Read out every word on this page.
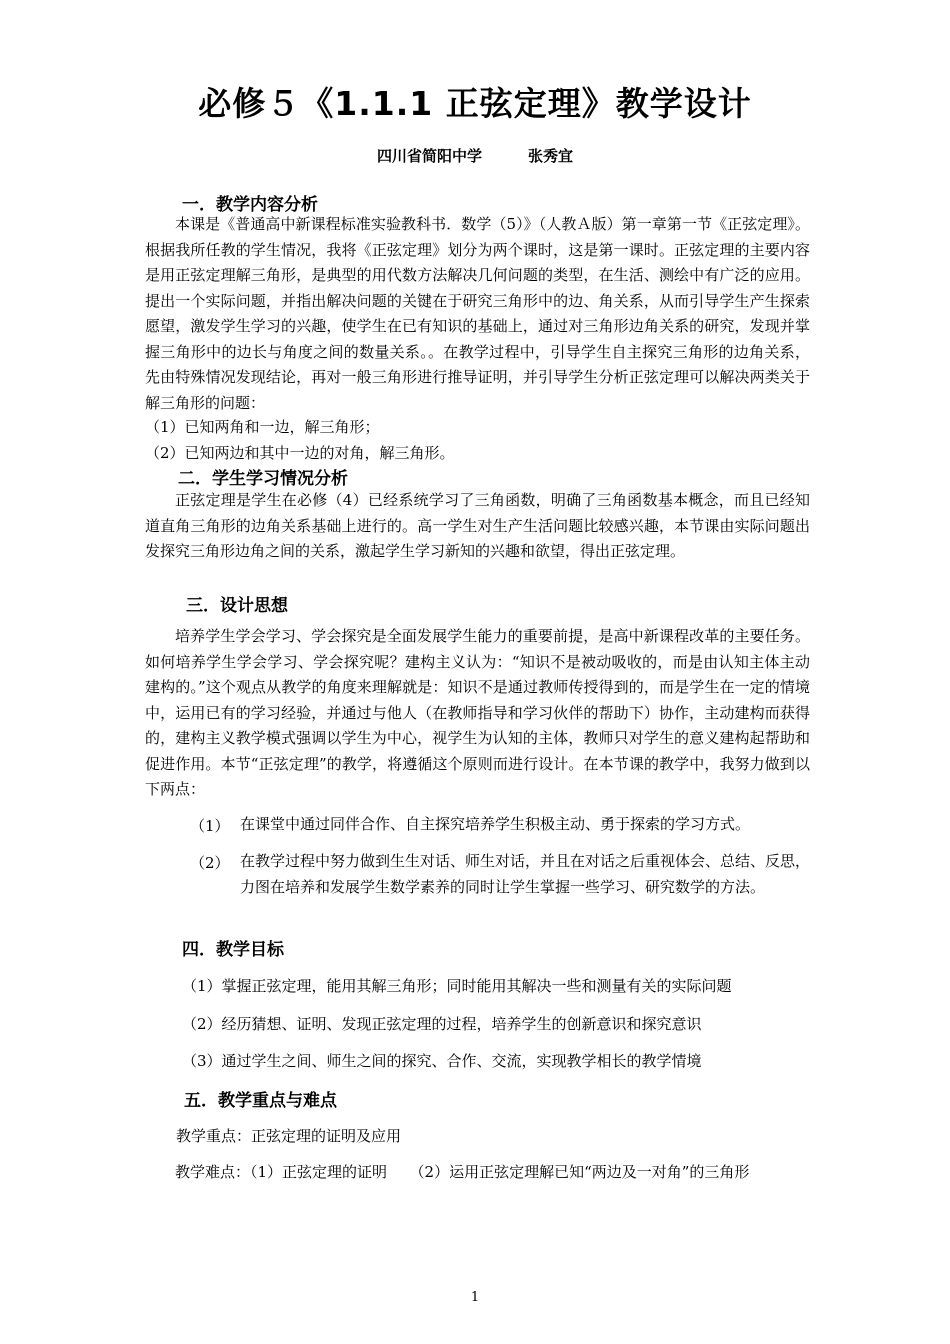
必修５《1.1.1 正弦定理》教学设计
四川省简阳中学	张秀宜
一．教学内容分析
本课是《普通高中新课程标准实验教科书．数学（5）》（人教Ａ版）第一章第一节《正弦定理》。根据我所任教的学生情况，我将《正弦定理》划分为两个课时，这是第一课时。正弦定理的主要内容是用正弦定理解三角形，是典型的用代数方法解决几何问题的类型，在生活、测绘中有广泛的应用。提出一个实际问题，并指出解决问题的关键在于研究三角形中的边、角关系，从而引导学生产生探索愿望，激发学生学习的兴趣，使学生在已有知识的基础上，通过对三角形边角关系的研究，发现并掌握三角形中的边长与角度之间的数量关系。。在教学过程中，引导学生自主探究三角形的边角关系，先由特殊情况发现结论，再对一般三角形进行推导证明，并引导学生分析正弦定理可以解决两类关于解三角形的问题：
（1）已知两角和一边，解三角形；
（2）已知两边和其中一边的对角，解三角形。
二．学生学习情况分析
正弦定理是学生在必修（4）已经系统学习了三角函数，明确了三角函数基本概念，而且已经知道直角三角形的边角关系基础上进行的。高一学生对生产生活问题比较感兴趣，本节课由实际问题出发探究三角形边角之间的关系，激起学生学习新知的兴趣和欲望，得出正弦定理。
三．设计思想
培养学生学会学习、学会探究是全面发展学生能力的重要前提，是高中新课程改革的主要任务。如何培养学生学会学习、学会探究呢？建构主义认为：“知识不是被动吸收的，而是由认知主体主动建构的。”这个观点从教学的角度来理解就是：知识不是通过教师传授得到的，而是学生在一定的情境中，运用已有的学习经验，并通过与他人（在教师指导和学习伙伴的帮助下）协作，主动建构而获得的，建构主义教学模式强调以学生为中心，视学生为认知的主体，教师只对学生的意义建构起帮助和促进作用。本节“正弦定理”的教学，将遵循这个原则而进行设计。在本节课的教学中，我努力做到以下两点：
（1） 在课堂中通过同伴合作、自主探究培养学生积极主动、勇于探索的学习方式。
（2） 在教学过程中努力做到生生对话、师生对话，并且在对话之后重视体会、总结、反思，力图在培养和发展学生数学素养的同时让学生掌握一些学习、研究数学的方法。
四．教学目标
（1）掌握正弦定理，能用其解三角形；同时能用其解决一些和测量有关的实际问题
（2）经历猜想、证明、发现正弦定理的过程，培养学生的创新意识和探究意识
（3）通过学生之间、师生之间的探究、合作、交流，实现教学相长的教学情境
五．教学重点与难点
教学重点：正弦定理的证明及应用
教学难点：（1）正弦定理的证明　　（2）运用正弦定理解已知“两边及一对角”的三角形
1
